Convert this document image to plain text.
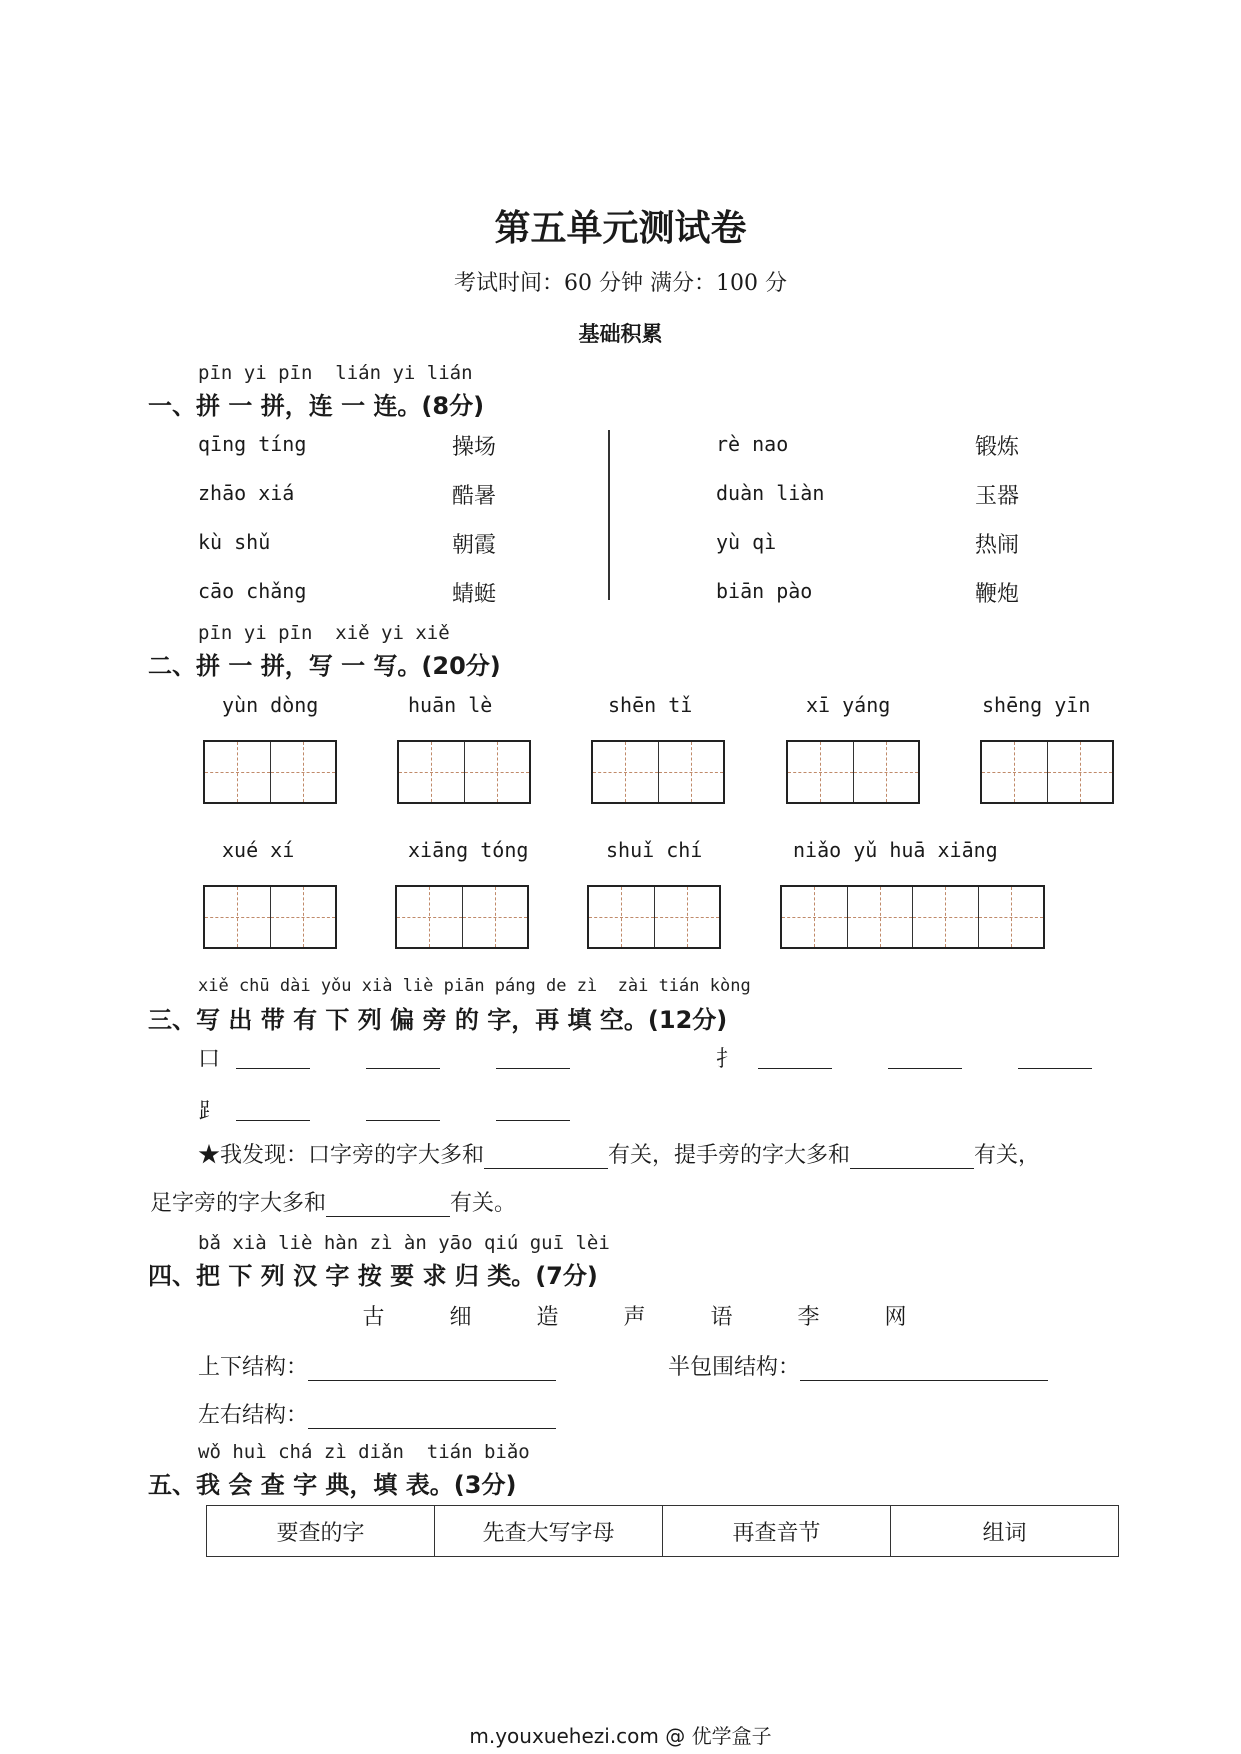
第五单元测试卷
考试时间：60 分钟 满分：100 分
基础积累
pīn yi pīn  lián yi lián
一、拼 一 拼，连 一 连。(8分)
qīng tíng	操场
zhāo xiá	酷暑
kù shǔ	朝霞
cāo chǎng	蜻蜓
rè nao	锻炼
duàn liàn	玉器
yù qì	热闹
biān pào	鞭炮
pīn yi pīn  xiě yi xiě
二、拼 一 拼，写 一 写。(20分)
yùn dòng	huān lè	shēn tǐ	xī yáng	shēng yīn
xué xí	xiāng tóng	shuǐ chí	niǎo yǔ huā xiāng
xiě chū dài yǒu xià liè piān páng de zì  zài tián kòng
三、写 出 带 有 下 列 偏 旁 的 字，再 填 空。(12分)
口	扌
⻊
★我发现：口字旁的字大多和	有关，提手旁的字大多和	有关，
足字旁的字大多和	有关。
bǎ xià liè hàn zì àn yāo qiú guī lèi
四、把 下 列 汉 字 按 要 求 归 类。(7分)
古	细	造	声	语	李	网
上下结构：	半包围结构：
左右结构：
wǒ huì chá zì diǎn  tián biǎo
五、我 会 查 字 典，填 表。(3分)
要查的字	先查大写字母	再查音节	组词
m.youxuehezi.com @ 优学盒子
